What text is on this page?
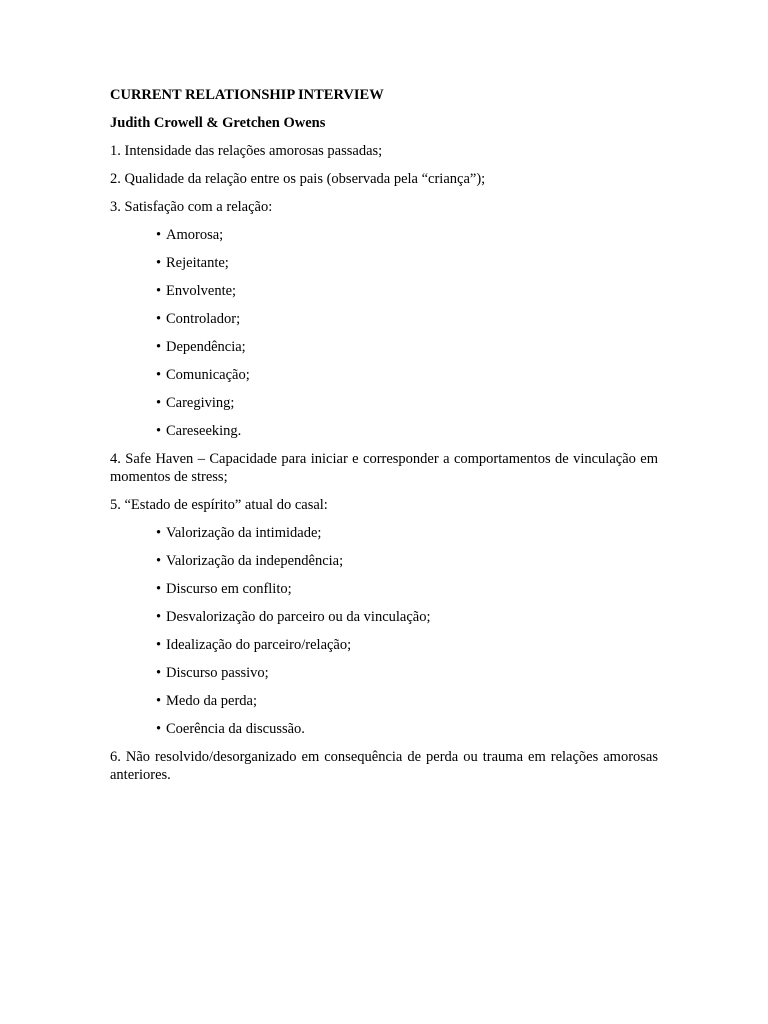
CURRENT RELATIONSHIP INTERVIEW
Judith Crowell & Gretchen Owens
1. Intensidade das relações amorosas passadas;
2. Qualidade da relação entre os pais (observada pela “criança”);
3. Satisfação com a relação:
• Amorosa;
• Rejeitante;
• Envolvente;
• Controlador;
• Dependência;
• Comunicação;
• Caregiving;
• Careseeking.
4. Safe Haven – Capacidade para iniciar e corresponder a comportamentos de vinculação em momentos de stress;
5. “Estado de espírito” atual do casal:
• Valorização da intimidade;
• Valorização da independência;
• Discurso em conflito;
• Desvalorização do parceiro ou da vinculação;
• Idealização do parceiro/relação;
• Discurso passivo;
• Medo da perda;
• Coerência da discussão.
6. Não resolvido/desorganizado em consequência de perda ou trauma em relações amorosas anteriores.
